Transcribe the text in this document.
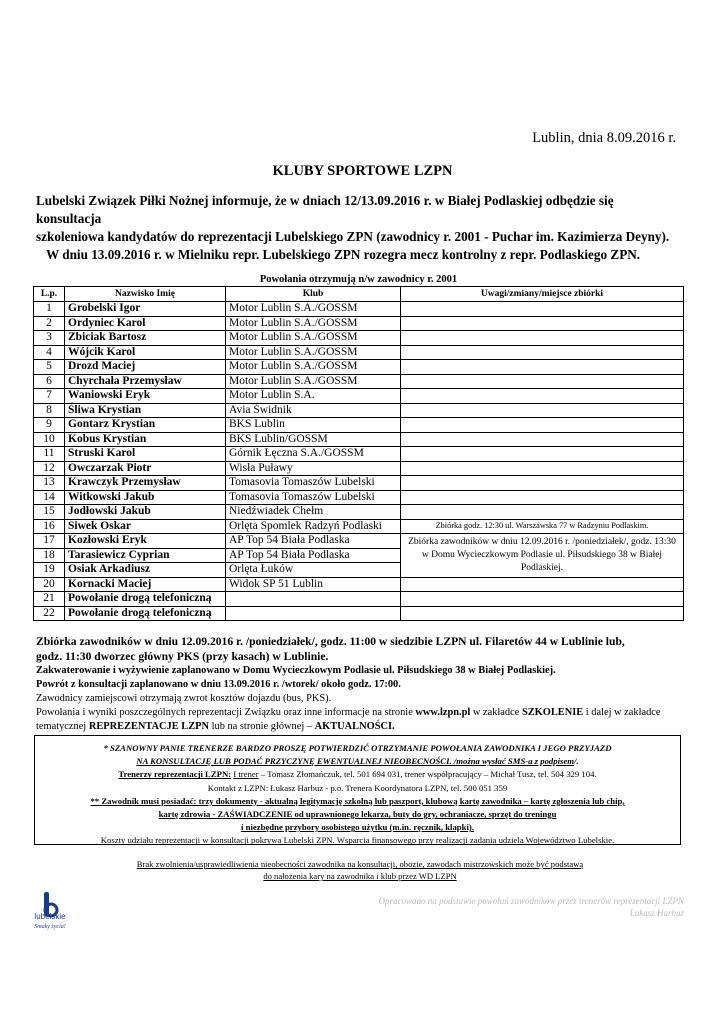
Lublin, dnia 8.09.2016 r.
KLUBY SPORTOWE LZPN
Lubelski Związek Piłki Nożnej informuje, że w dniach 12/13.09.2016 r. w Białej Podlaskiej odbędzie się konsultacja
szkoleniowa kandydatów do reprezentacji Lubelskiego ZPN (zawodnicy r. 2001 - Puchar im. Kazimierza Deyny).
W dniu 13.09.2016 r. w Mielniku repr. Lubelskiego ZPN rozegra mecz kontrolny z repr. Podlaskiego ZPN.
Powołania otrzymują n/w zawodnicy r. 2001
L.p.	Nazwisko Imię	Klub	Uwagi/zmiany/miejsce zbiórki
1	Grobelski Igor	Motor Lublin S.A./GOSSM	
2	Ordyniec Karol	Motor Lublin S.A./GOSSM	
3	Zbiciak Bartosz	Motor Lublin S.A./GOSSM	
4	Wójcik Karol	Motor Lublin S.A./GOSSM	
5	Drozd Maciej	Motor Lublin S.A./GOSSM	
6	Chyrchała Przemysław	Motor Lublin S.A./GOSSM	
7	Waniowski Eryk	Motor Lublin S.A.	
8	Śliwa Krystian	Avia Świdnik	
9	Gontarz Krystian	BKS Lublin	
10	Kobus Krystian	BKS Lublin/GOSSM	
11	Struski Karol	Górnik Łęczna S.A./GOSSM	
12	Owczarzak Piotr	Wisła Puławy	
13	Krawczyk Przemysław	Tomasovia Tomaszów Lubelski	
14	Witkowski Jakub	Tomasovia Tomaszów Lubelski	
15	Jodłowski Jakub	Niedźwiadek Chełm	
16	Siwek Oskar	Orlęta Spomlek Radzyń Podlaski	Zbiórka godz. 12:30 ul. Warszawska 77 w Radzyniu Podlaskim.
17	Kozłowski Eryk	AP Top 54 Biała Podlaska	Zbiórka zawodników w dniu 12.09.2016 r. /poniedziałek/, godz. 13:30 w Domu Wycieczkowym Podlasie ul. Piłsudskiego 38 w Białej Podlaskiej.
18	Tarasiewicz Cyprian	AP Top 54 Biała Podlaska	
19	Osiak Arkadiusz	Orlęta Łuków	
20	Kornacki Maciej	Widok SP 51 Lublin	
21	Powołanie drogą telefoniczną		
22	Powołanie drogą telefoniczną		
Zbiórka zawodników w dniu 12.09.2016 r. /poniedziałek/, godz. 11:00 w siedzibie LZPN ul. Filaretów 44 w Lublinie lub,
godz. 11:30 dworzec główny PKS (przy kasach) w Lublinie.
Zakwaterowanie i wyżywienie zaplanowano w Domu Wycieczkowym Podlasie ul. Piłsudskiego 38 w Białej Podlaskiej.
Powrót z konsultacji zaplanowano w dniu 13.09.2016 r. /wtorek/ około godz. 17:00.
Zawodnicy zamiejscowi otrzymają zwrot kosztów dojazdu (bus, PKS).
Powołania i wyniki poszczególnych reprezentacji Związku oraz inne informacje na stronie www.lzpn.pl w zakładce SZKOLENIE i dalej w zakładce
tematycznej REPREZENTACJE LZPN lub na stronie głównej – AKTUALNOŚCI.
* SZANOWNY PANIE TRENERZE BARDZO PROSZĘ POTWIERDZIĆ OTRZYMANIE POWOŁANIA ZAWODNIKA I JEGO PRZYJAZD
NA KONSULTACJĘ LUB PODAĆ PRZYCZYNĘ EWENTUALNEJ NIEOBECNOŚCI. /można wysłać SMS-a z podpisem/.
Trenerzy reprezentacji LZPN: I trener – Tomasz Złomańczuk, tel. 501 694 031, trener współpracujący – Michał Tusz, tel. 504 329 104.
Kontakt z LZPN: Łukasz Harbuz - p.o. Trenera Koordynatora LZPN, tel. 500 051 359
** Zawodnik musi posiadać: trzy dokumenty - aktualną legitymację szkolną lub paszport, klubową kartę zawodnika – kartę zgłoszenia lub chip,
kartę zdrowia - ZAŚWIADCZENIE od uprawnionego lekarza, buty do gry, ochraniacze, sprzęt do treningu
i niezbędne przybory osobistego użytku (m.in. ręcznik, klapki).
Koszty udziału reprezentacji w konsultacji pokrywa Lubelski ZPN. Wsparcia finansowego przy realizacji zadania udziela Województwo Lubelskie.
Brak zwolnienia/usprawiedliwienia nieobecności zawodnika na konsultacji, obozie, zawodach mistrzowskich może być podstawą
do nałożenia kary na zawodnika i klub przez WD LZPN
lubelskie
Smaky życia!
Opracowano na podstawie powołań zawodników przez trenerów reprezentacji LZPN
Łukasz Harbuz
